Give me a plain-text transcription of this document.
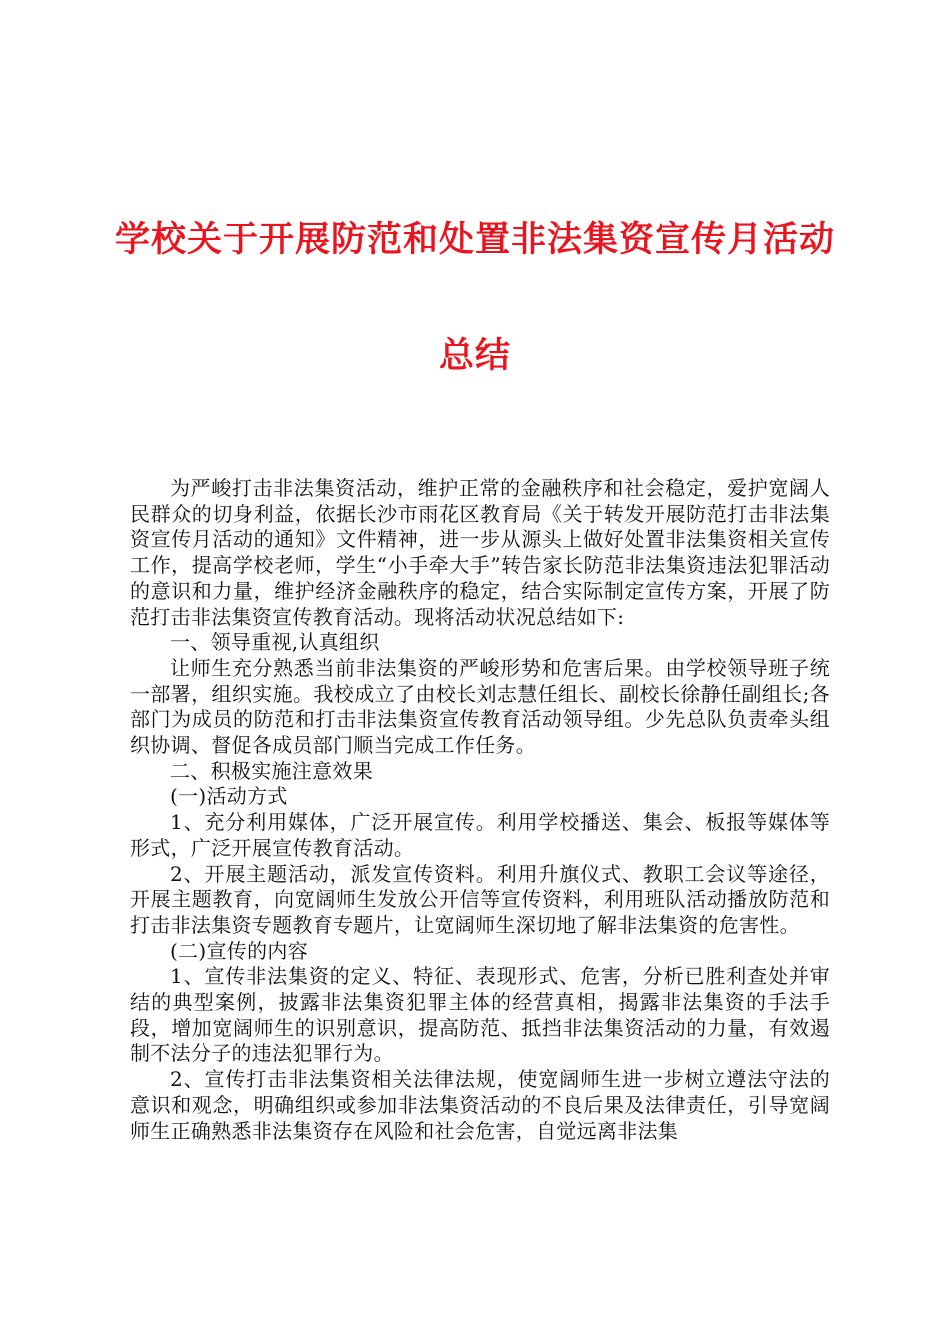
学校关于开展防范和处置非法集资宣传月活动
总结

为严峻打击非法集资活动，维护正常的金融秩序和社会稳定，爱护宽阔人民群众的切身利益，依据长沙市雨花区教育局《关于转发开展防范打击非法集资宣传月活动的通知》文件精神，进一步从源头上做好处置非法集资相关宣传工作，提高学校老师，学生“小手牵大手”转告家长防范非法集资违法犯罪活动的意识和力量，维护经济金融秩序的稳定，结合实际制定宣传方案，开展了防范打击非法集资宣传教育活动。现将活动状况总结如下:

一、领导重视,认真组织

让师生充分熟悉当前非法集资的严峻形势和危害后果。由学校领导班子统一部署，组织实施。我校成立了由校长刘志慧任组长、副校长徐静任副组长;各部门为成员的防范和打击非法集资宣传教育活动领导组。少先总队负责牵头组织协调、督促各成员部门顺当完成工作任务。

二、积极实施注意效果

(一)活动方式

1、充分利用媒体，广泛开展宣传。利用学校播送、集会、板报等媒体等形式，广泛开展宣传教育活动。

2、开展主题活动，派发宣传资料。利用升旗仪式、教职工会议等途径，开展主题教育，向宽阔师生发放公开信等宣传资料，利用班队活动播放防范和打击非法集资专题教育专题片，让宽阔师生深切地了解非法集资的危害性。

(二)宣传的内容

1、宣传非法集资的定义、特征、表现形式、危害，分析已胜利查处并审结的典型案例，披露非法集资犯罪主体的经营真相，揭露非法集资的手法手段，增加宽阔师生的识别意识，提高防范、抵挡非法集资活动的力量，有效遏制不法分子的违法犯罪行为。

2、宣传打击非法集资相关法律法规，使宽阔师生进一步树立遵法守法的意识和观念，明确组织或参加非法集资活动的不良后果及法律责任，引导宽阔师生正确熟悉非法集资存在风险和社会危害，自觉远离非法集
